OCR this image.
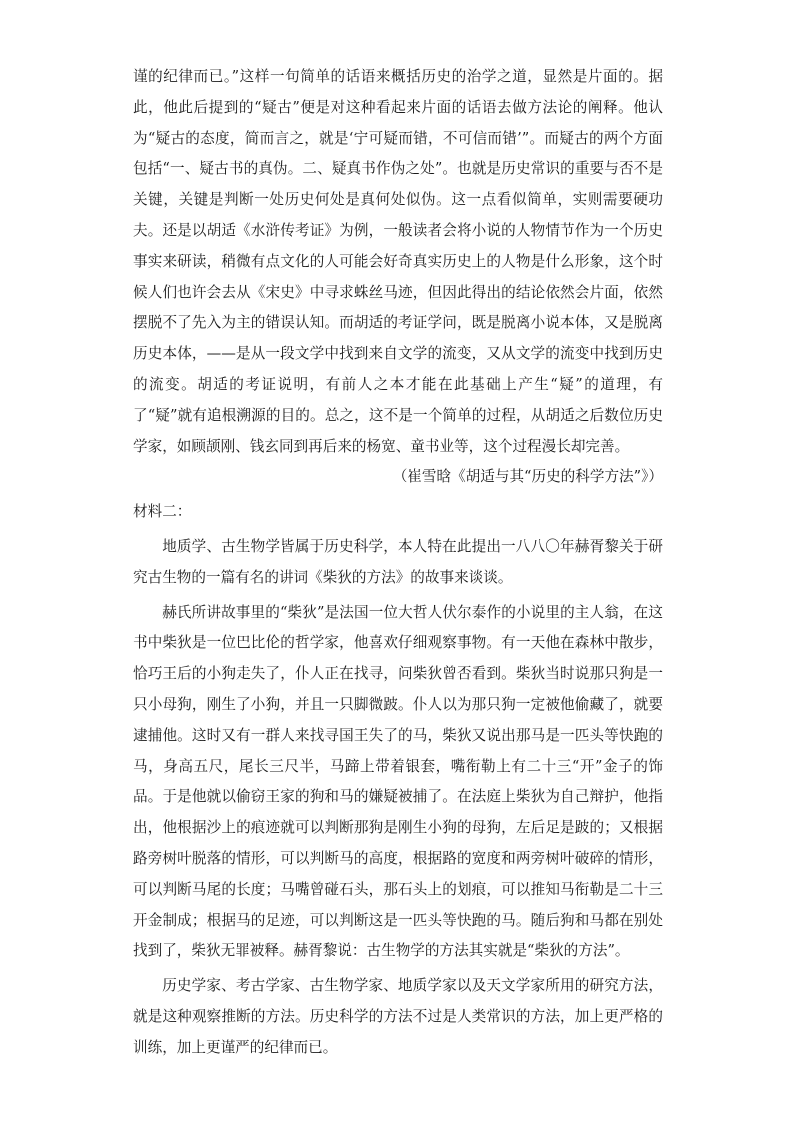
谨的纪律而已。”这样一句简单的话语来概括历史的治学之道，显然是片面的。据此，他此后提到的“疑古”便是对这种看起来片面的话语去做方法论的阐释。他认为“疑古的态度，简而言之，就是‘宁可疑而错，不可信而错’”。而疑古的两个方面包括“一、疑古书的真伪。二、疑真书作伪之处”。也就是历史常识的重要与否不是关键，关键是判断一处历史何处是真何处似伪。这一点看似简单，实则需要硬功夫。还是以胡适《水浒传考证》为例，一般读者会将小说的人物情节作为一个历史事实来研读，稍微有点文化的人可能会好奇真实历史上的人物是什么形象，这个时候人们也许会去从《宋史》中寻求蛛丝马迹，但因此得出的结论依然会片面，依然摆脱不了先入为主的错误认知。而胡适的考证学问，既是脱离小说本体，又是脱离历史本体，——是从一段文学中找到来自文学的流变，又从文学的流变中找到历史的流变。胡适的考证说明，有前人之本才能在此基础上产生“疑”的道理，有了“疑”就有追根溯源的目的。总之，这不是一个简单的过程，从胡适之后数位历史学家，如顾颉刚、钱玄同到再后来的杨宽、童书业等，这个过程漫长却完善。

（崔雪晗《胡适与其“历史的科学方法”》）

材料二：

地质学、古生物学皆属于历史科学，本人特在此提出一八八〇年赫胥黎关于研究古生物的一篇有名的讲词《柴狄的方法》的故事来谈谈。

赫氏所讲故事里的“柴狄”是法国一位大哲人伏尔泰作的小说里的主人翁，在这书中柴狄是一位巴比伦的哲学家，他喜欢仔细观察事物。有一天他在森林中散步，恰巧王后的小狗走失了，仆人正在找寻，问柴狄曾否看到。柴狄当时说那只狗是一只小母狗，刚生了小狗，并且一只脚微跛。仆人以为那只狗一定被他偷藏了，就要逮捕他。这时又有一群人来找寻国王失了的马，柴狄又说出那马是一匹头等快跑的马，身高五尺，尾长三尺半，马蹄上带着银套，嘴衔勒上有二十三“开”金子的饰品。于是他就以偷窃王家的狗和马的嫌疑被捕了。在法庭上柴狄为自己辩护，他指出，他根据沙上的痕迹就可以判断那狗是刚生小狗的母狗，左后足是跛的；又根据路旁树叶脱落的情形，可以判断马的高度，根据路的宽度和两旁树叶破碎的情形，可以判断马尾的长度；马嘴曾碰石头，那石头上的划痕，可以推知马衔勒是二十三开金制成；根据马的足迹，可以判断这是一匹头等快跑的马。随后狗和马都在别处找到了，柴狄无罪被释。赫胥黎说：古生物学的方法其实就是“柴狄的方法”。

历史学家、考古学家、古生物学家、地质学家以及天文学家所用的研究方法，就是这种观察推断的方法。历史科学的方法不过是人类常识的方法，加上更严格的训练，加上更谨严的纪律而已。
